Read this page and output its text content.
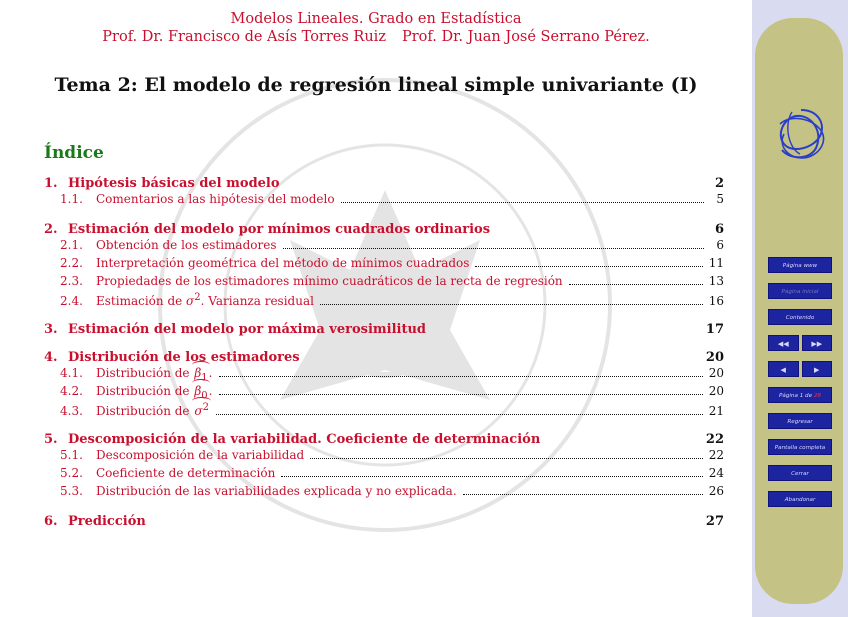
Modelos Lineales. Grado en Estadística
Prof. Dr. Francisco de Asís Torres Ruiz Prof. Dr. Juan José Serrano Pérez.
Tema 2: El modelo de regresión lineal simple univariante (I)
Índice
1. Hipótesis básicas del modelo	2
1.1.	Comentarios a las hipótesis del modelo	5
2. Estimación del modelo por mínimos cuadrados ordinarios	6
2.1.	Obtención de los estimadores	6
2.2.	Interpretación geométrica del método de mínimos cuadrados	11
2.3.	Propiedades de los estimadores mínimo cuadráticos de la recta de regresión	13
2.4.	Estimación de $\sigma^2$. Varianza residual	16
3. Estimación del modelo por máxima verosimilitud	17
4. Distribución de los estimadores	20
4.1.	Distribución de $\beta_1$.	20
4.2.	Distribución de $\beta_0$.	20
4.3.	Distribución de $\sigma^2$	21
5. Descomposición de la variabilidad. Coeficiente de determinación	22
5.1.	Descomposición de la variabilidad	22
5.2.	Coeficiente de determinación	24
5.3.	Distribución de las variabilidades explicada y no explicada.	26
6. Predicción	27
Página www
Página inicial
Contenido
◀◀	▶▶
◀	▶
Página 1 de 28
Regresar
Pantalla completa
Cerrar
Abandonar
